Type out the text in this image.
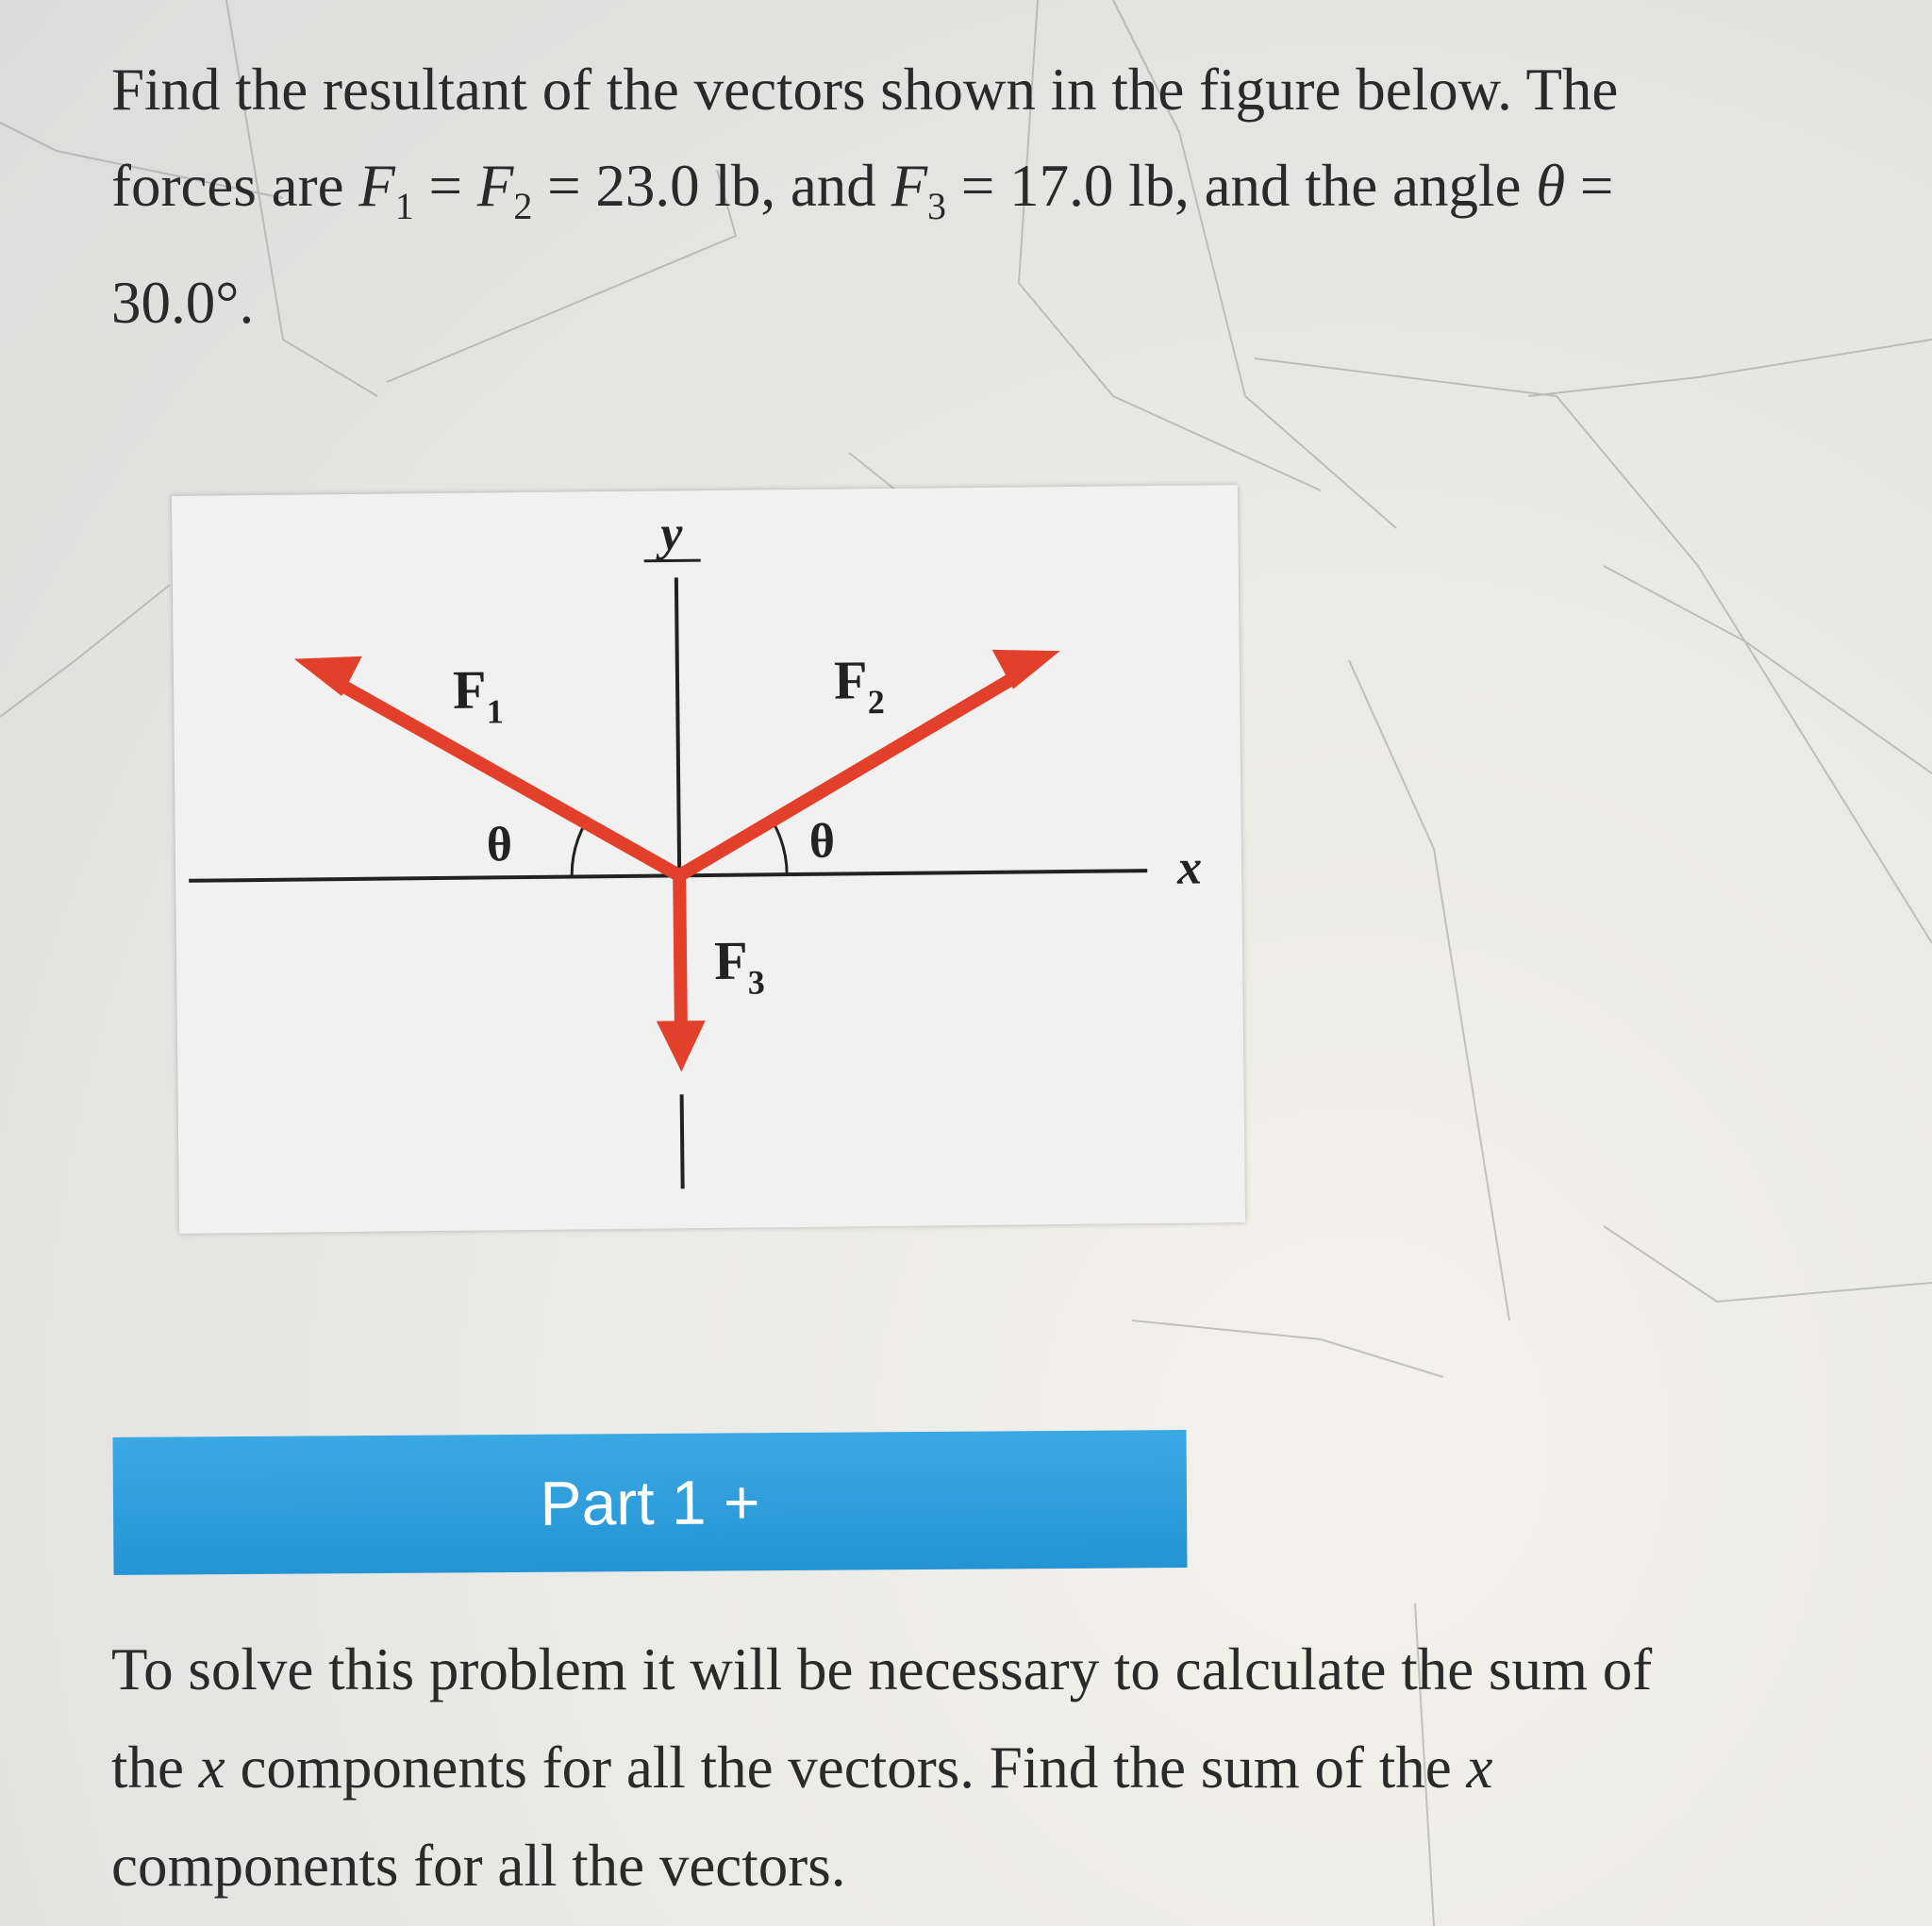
Find the resultant of the vectors shown in the figure below. The
forces are $F_1 = F_2 = 23.0$ lb, and $F_3 = 17.0$ lb, and the angle θ =
30.0°.
y
x
$F_1$
$F_2$
$F_3$
θ	θ
Part 1 +
To solve this problem it will be necessary to calculate the sum of
the x components for all the vectors. Find the sum of the x
components for all the vectors.
